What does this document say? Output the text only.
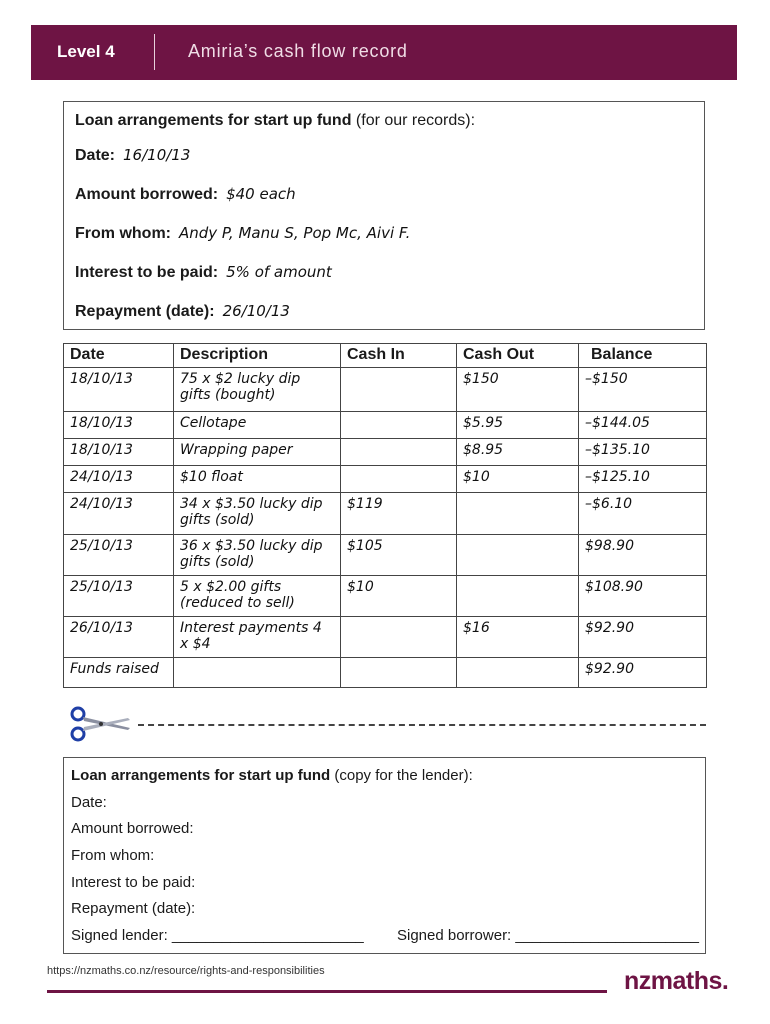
Level 4	Amiria’s cash flow record
Loan arrangements for start up fund (for our records):
Date: 16/10/13
Amount borrowed: $40 each
From whom: Andy P, Manu S, Pop Mc, Aivi F.
Interest to be paid: 5% of amount
Repayment (date): 26/10/13
Date	Description	Cash In	Cash Out	Balance
18/10/13	75 x $2 lucky dip gifts (bought)		$150	–$150
18/10/13	Cellotape		$5.95	–$144.05
18/10/13	Wrapping paper		$8.95	–$135.10
24/10/13	$10 float		$10	–$125.10
24/10/13	34 x $3.50 lucky dip gifts (sold)	$119		–$6.10
25/10/13	36 x $3.50 lucky dip gifts (sold)	$105		$98.90
25/10/13	5 x $2.00 gifts (reduced to sell)	$10		$108.90
26/10/13	Interest payments 4 x $4		$16	$92.90
Funds raised				$92.90
Loan arrangements for start up fund (copy for the lender):
Date:
Amount borrowed:
From whom:
Interest to be paid:
Repayment (date):
Signed lender: _______________________ Signed borrower: ______________________
https://nzmaths.co.nz/resource/rights-and-responsibilities	nzmaths.
